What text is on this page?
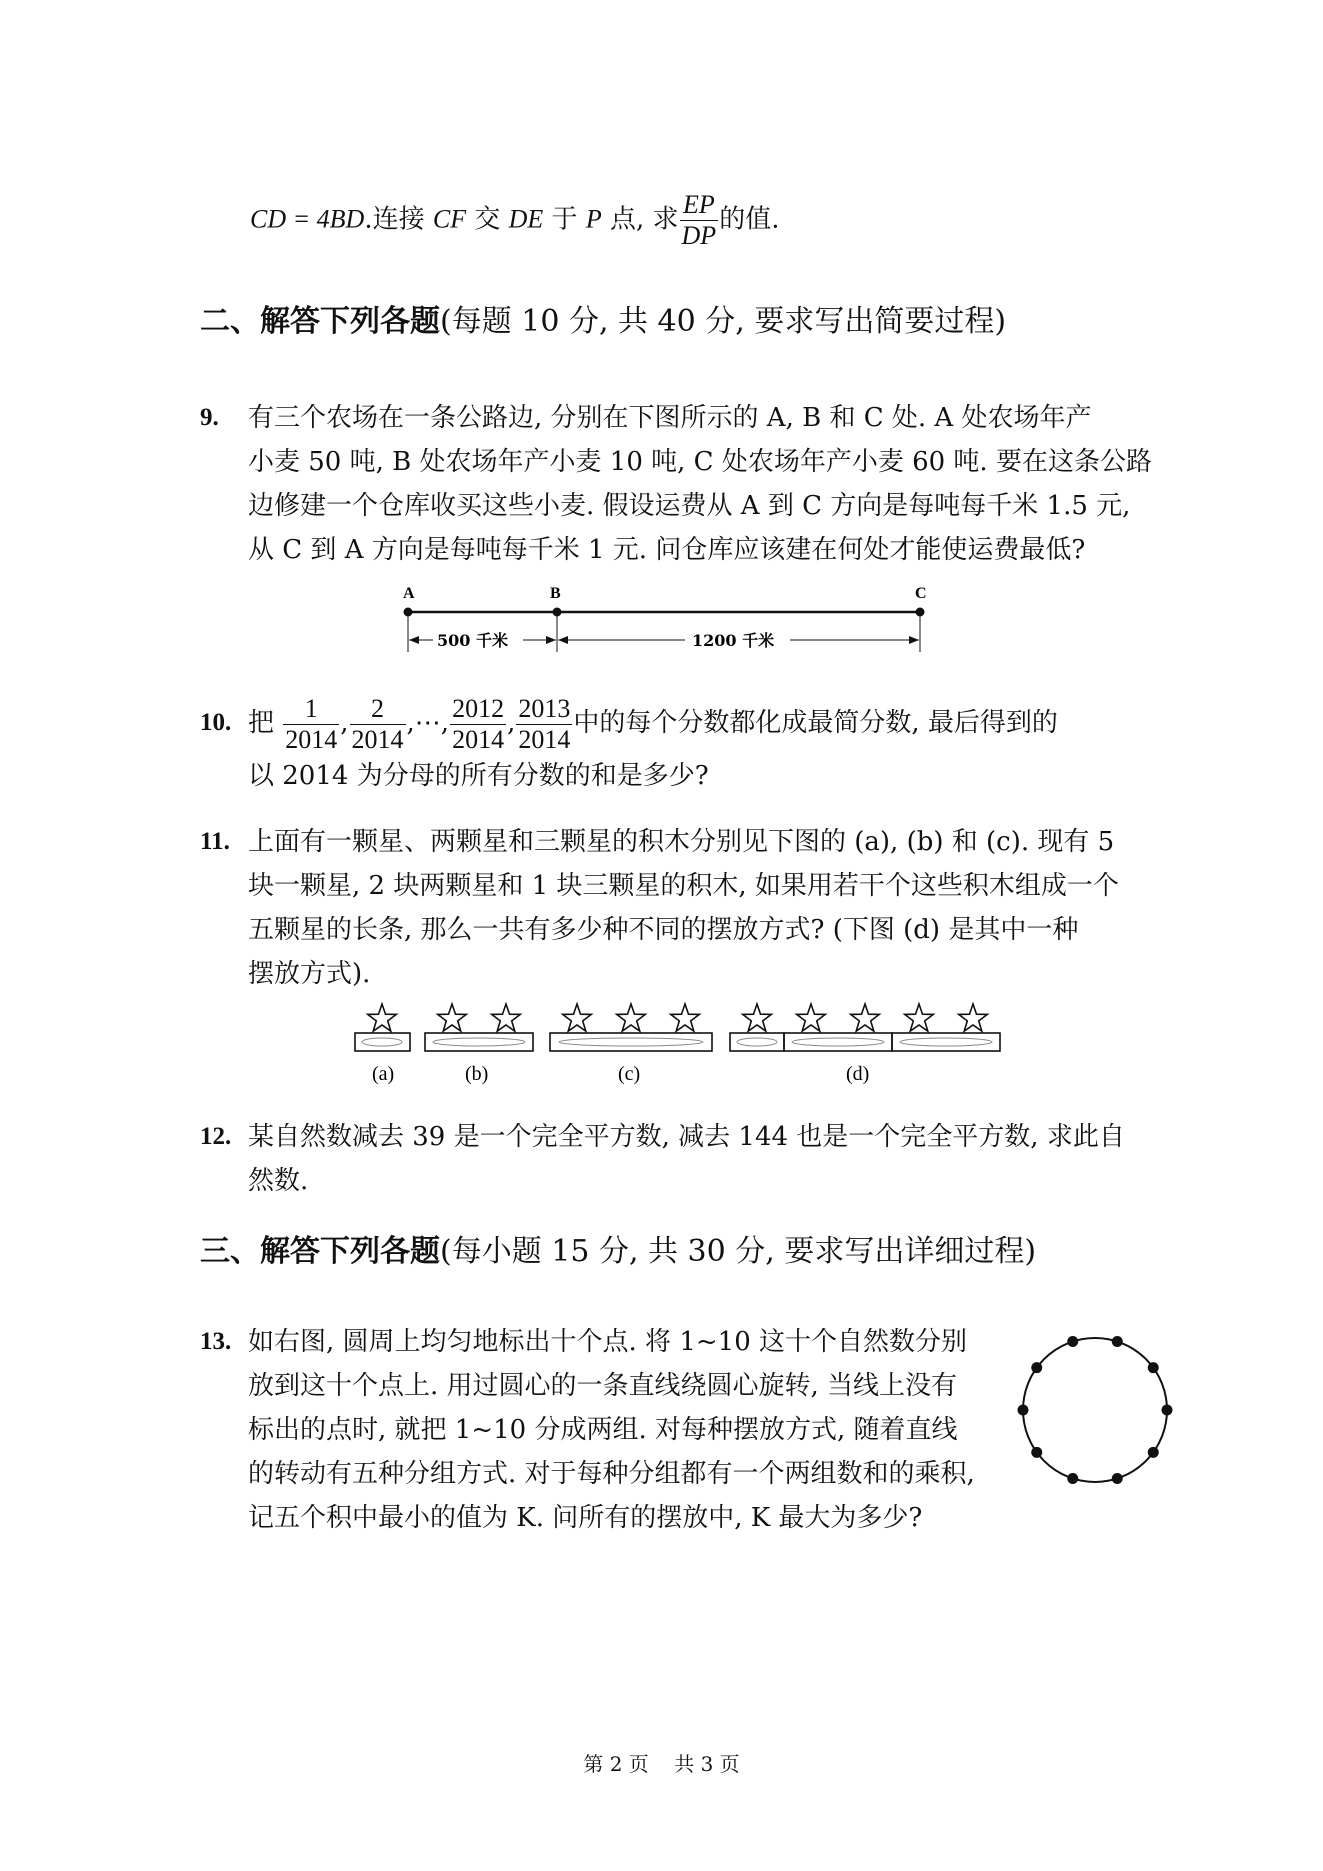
CD = 4BD.连接 CF 交 DE 于 P 点, 求 $\frac{EP}{DP}$ 的值.
二、解答下列各题(每题 10 分, 共 40 分, 要求写出简要过程)
9. 有三个农场在一条公路边, 分别在下图所示的 A, B 和 C 处. A 处农场年产
小麦 50 吨, B 处农场年产小麦 10 吨, C 处农场年产小麦 60 吨. 要在这条公路
边修建一个仓库收买这些小麦. 假设运费从 A 到 C 方向是每吨每千米 1.5 元,
从 C 到 A 方向是每吨每千米 1 元. 问仓库应该建在何处才能使运费最低?
A	B	C
500 千米	1200 千米
10. 把 $\frac{1}{2014}$ , $\frac{2}{2014}$ ,⋯, $\frac{2012}{2014}$ , $\frac{2013}{2014}$ 中的每个分数都化成最简分数, 最后得到的
以 2014 为分母的所有分数的和是多少?
11. 上面有一颗星、两颗星和三颗星的积木分别见下图的 (a), (b) 和 (c). 现有 5
块一颗星, 2 块两颗星和 1 块三颗星的积木, 如果用若干个这些积木组成一个
五颗星的长条, 那么一共有多少种不同的摆放方式? (下图 (d) 是其中一种
摆放方式).
(a)	(b)	(c)	(d)
12. 某自然数减去 39 是一个完全平方数, 减去 144 也是一个完全平方数, 求此自
然数.
三、解答下列各题(每小题 15 分, 共 30 分, 要求写出详细过程)
13. 如右图, 圆周上均匀地标出十个点. 将 1~10 这十个自然数分别
放到这十个点上. 用过圆心的一条直线绕圆心旋转, 当线上没有
标出的点时, 就把 1~10 分成两组. 对每种摆放方式, 随着直线
的转动有五种分组方式. 对于每种分组都有一个两组数和的乘积,
记五个积中最小的值为 K. 问所有的摆放中, K 最大为多少?
第 2 页    共 3 页
